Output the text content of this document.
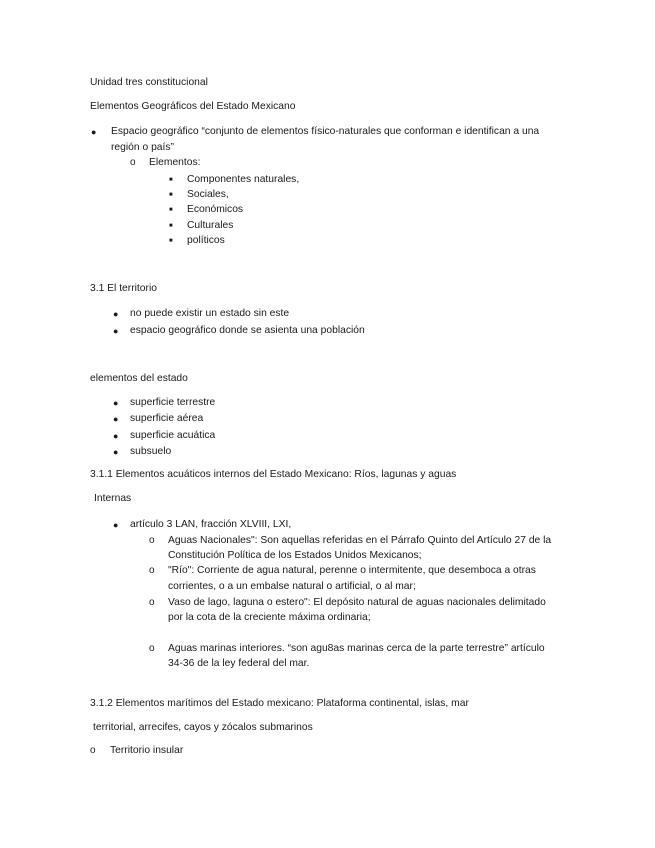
Unidad tres constitucional
Elementos Geográficos del Estado Mexicano
● Espacio geográfico “conjunto de elementos físico-naturales que conforman e identifican a una
región o país”
o Elementos:
■ Componentes naturales,
■ Sociales,
■ Económicos
■ Culturales
■ políticos
3.1 El territorio
● no puede existir un estado sin este
● espacio geográfico donde se asienta una población
elementos del estado
● superficie terrestre
● superficie aérea
● superficie acuática
● subsuelo
3.1.1 Elementos acuáticos internos del Estado Mexicano: Ríos, lagunas y aguas
Internas
● artículo 3 LAN, fracción XLVIII, LXI,
o Aguas Nacionales": Son aquellas referidas en el Párrafo Quinto del Artículo 27 de la
Constitución Política de los Estados Unidos Mexicanos;
o "Río": Corriente de agua natural, perenne o intermitente, que desemboca a otras
corrientes, o a un embalse natural o artificial, o al mar;
o Vaso de lago, laguna o estero": El depósito natural de aguas nacionales delimitado
por la cota de la creciente máxima ordinaria;
o Aguas marinas interiores. “son agu8as marinas cerca de la parte terrestre” artículo
34-36 de la ley federal del mar.
3.1.2 Elementos marítimos del Estado mexicano: Plataforma continental, islas, mar
territorial, arrecifes, cayos y zócalos submarinos
o Territorio insular
